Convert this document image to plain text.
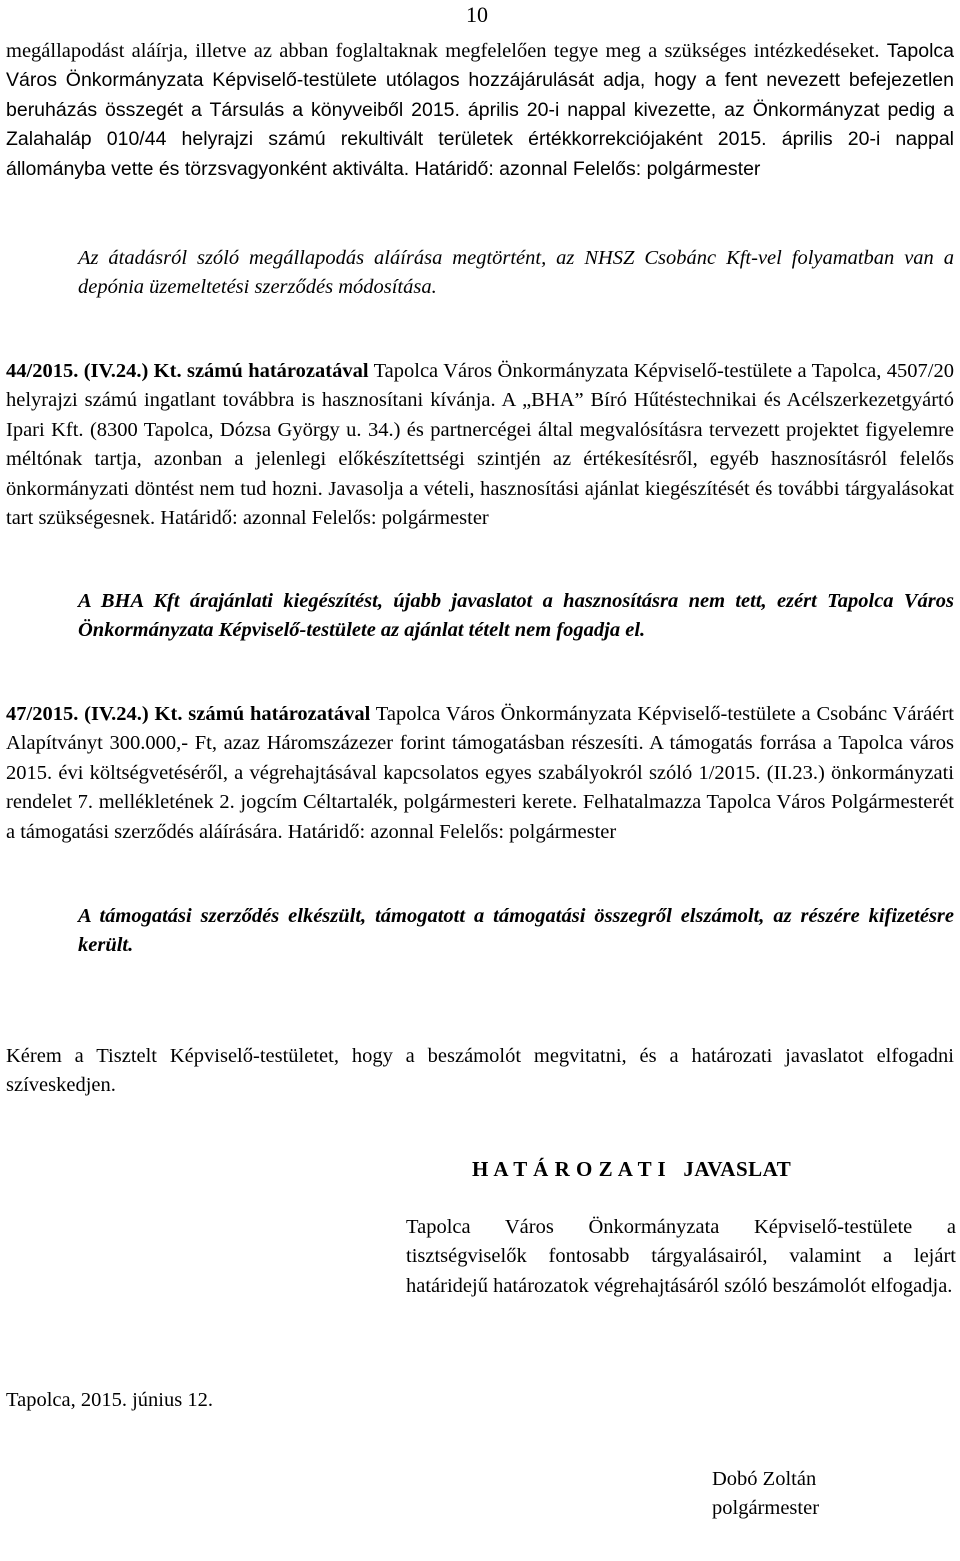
10
megállapodást aláírja, illetve az abban foglaltaknak megfelelően tegye meg a szükséges intézkedéseket. Tapolca Város Önkormányzata Képviselő-testülete utólagos hozzájárulását adja, hogy a fent nevezett befejezetlen beruházás összegét a Társulás a könyveiből 2015. április 20-i nappal kivezette, az Önkormányzat pedig a Zalahaláp 010/44 helyrajzi számú rekultivált területek értékkorrekciójaként 2015. április 20-i nappal állományba vette és törzsvagyonként aktiválta. Határidő: azonnal Felelős: polgármester
Az átadásról szóló megállapodás aláírása megtörtént, az NHSZ Csobánc Kft-vel folyamatban van a depónia üzemeltetési szerződés módosítása.
44/2015. (IV.24.) Kt. számú határozatával Tapolca Város Önkormányzata Képviselő-testülete a Tapolca, 4507/20 helyrajzi számú ingatlant továbbra is hasznosítani kívánja. A „BHA” Bíró Hűtéstechnikai és Acélszerkezetgyártó Ipari Kft. (8300 Tapolca, Dózsa György u. 34.) és partnercégei által megvalósításra tervezett projektet figyelemre méltónak tartja, azonban a jelenlegi előkészítettségi szintjén az értékesítésről, egyéb hasznosításról felelős önkormányzati döntést nem tud hozni. Javasolja a vételi, hasznosítási ajánlat kiegészítését és további tárgyalásokat tart szükségesnek. Határidő: azonnal Felelős: polgármester
A BHA Kft árajánlati kiegészítést, újabb javaslatot a hasznosításra nem tett, ezért Tapolca Város Önkormányzata Képviselő-testülete az ajánlat tételt nem fogadja el.
47/2015. (IV.24.) Kt. számú határozatával Tapolca Város Önkormányzata Képviselő-testülete a Csobánc Váráért Alapítványt 300.000,- Ft, azaz Háromszázezer forint támogatásban részesíti. A támogatás forrása a Tapolca város 2015. évi költségvetéséről, a végrehajtásával kapcsolatos egyes szabályokról szóló 1/2015. (II.23.) önkormányzati rendelet 7. mellékletének 2. jogcím Céltartalék, polgármesteri kerete. Felhatalmazza Tapolca Város Polgármesterét a támogatási szerződés aláírására. Határidő: azonnal Felelős: polgármester
A támogatási szerződés elkészült, támogatott a támogatási összegről elszámolt, az részére kifizetésre került.
Kérem a Tisztelt Képviselő-testületet, hogy a beszámolót megvitatni, és a határozati javaslatot elfogadni szíveskedjen.
H A T Á R O Z A T I   JAVASLAT
Tapolca Város Önkormányzata Képviselő-testülete a tisztségviselők fontosabb tárgyalásairól, valamint a lejárt határidejű határozatok végrehajtásáról szóló beszámolót elfogadja.
Tapolca, 2015. június 12.
Dobó Zoltán
polgármester
